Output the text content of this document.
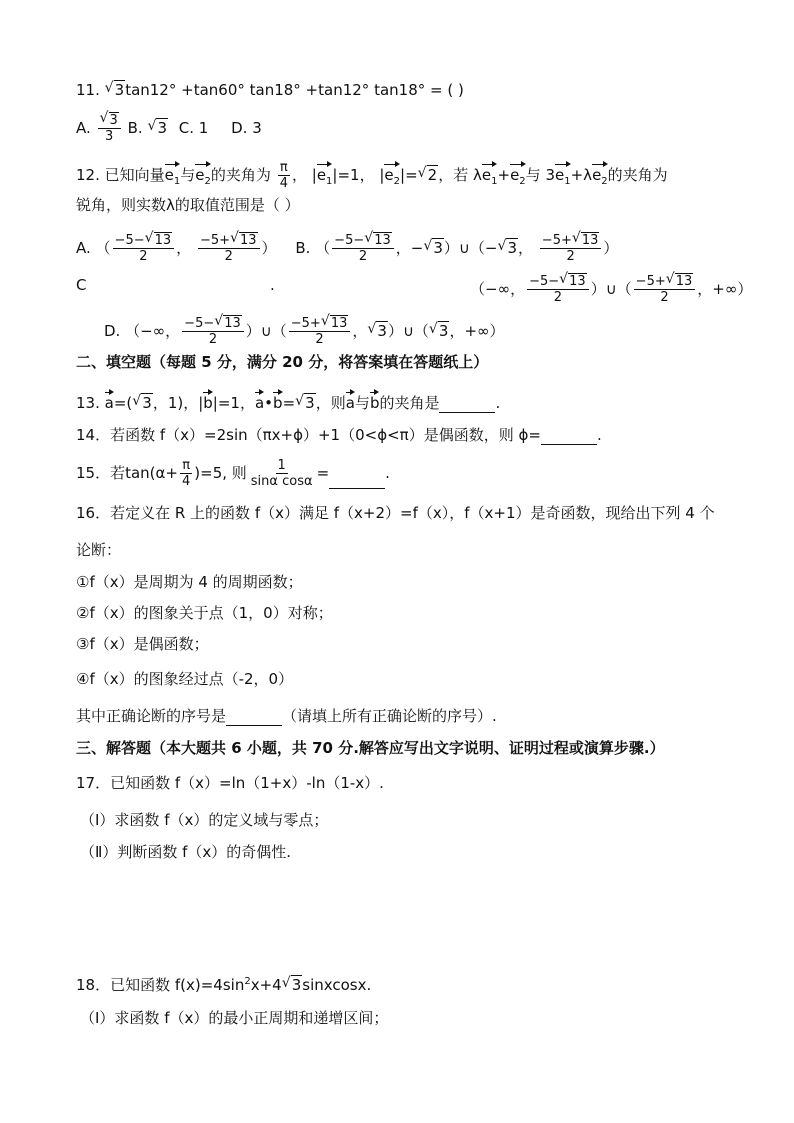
11. √ 3tan12° +tan60° tan18° +tan12° tan18° = ( )
A. $\frac{√ 3}{3} B$. √ 3 C. 1 D. 3
12. 已知向量$e_1$与$e_2$的夹角为 $\frac{\pi}{4}$ ， $|e_1|=1$， $|e_2|=$ √ 2，若 $\lambda e_1+e_2$与 $3e_1+\lambda e_2$的夹角为
锐角，则实数λ的取值范围是（ ）
A. （ $\frac{-5- √ 13}{2}$ ， $\frac{-5+ √ 13}{2}$ ） B. （ $\frac{-5- √ 13}{2}$ ，− √ 3）∪（− √ 3， $\frac{-5+ √ 13}{2}$ ）
C	.	（−∞， $\frac{-5- √ 13}{2}$ ）∪（ $\frac{-5+ √ 13}{2}$ ，+∞）
D. （−∞， $\frac{-5- √ 13}{2}$ ）∪（ $\frac{-5+ √ 13}{2}$ ， √ 3）∪（ √ 3，+∞）
二、填空题（每题 5 分，满分 20 分，将答案填在答题纸上）
13. a=( √ 3，1)，|b|=1，a•b= √ 3，则a与b的夹角是	.
14．若函数 f（x）=2sin（πx+ϕ）+1（0<ϕ<π）是偶函数，则 ϕ=	.
15．若$\tan(\alpha+ \frac{\pi}{4} )=5$, 则 $\frac{1}{\text{sinα cosα}}$ =	.
16．若定义在 R 上的函数 f（x）满足 f（x+2）=f（x），f（x+1）是奇函数，现给出下列 4 个
论断：
①f（x）是周期为 4 的周期函数；
②f（x）的图象关于点（1，0）对称；
③f（x）是偶函数；
④f（x）的图象经过点（-2，0）
其中正确论断的序号是	（请填上所有正确论断的序号）.
三、解答题（本大题共 6 小题，共 70 分.解答应写出文字说明、证明过程或演算步骤.）
17．已知函数 f（x）=ln（1+x）-ln（1-x）.
（Ⅰ）求函数 f（x）的定义域与零点；
（Ⅱ）判断函数 f（x）的奇偶性.
18．已知函数 $f(x)=4\sin^2x+4$ √ 3sinxcosx.
（Ⅰ）求函数 f（x）的最小正周期和递增区间；
